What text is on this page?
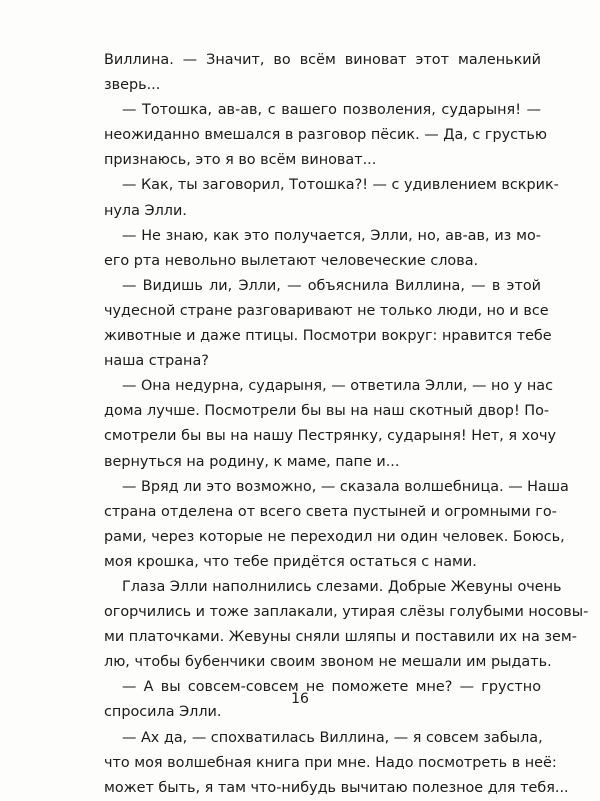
Виллина. — Значит, во всём виноват этот маленький
зверь...
— Тотошка, ав-ав, с вашего позволения, сударыня! —
неожиданно вмешался в разговор пёсик. — Да, с грустью
признаюсь, это я во всём виноват...
— Как, ты заговорил, Тотошка?! — с удивлением вскрик-
нула Элли.
— Не знаю, как это получается, Элли, но, ав-ав, из мо-
его рта невольно вылетают человеческие слова.
— Видишь ли, Элли, — объяснила Виллина, — в этой
чудесной стране разговаривают не только люди, но и все
животные и даже птицы. Посмотри вокруг: нравится тебе
наша страна?
— Она недурна, сударыня, — ответила Элли, — но у нас
дома лучше. Посмотрели бы вы на наш скотный двор! По-
смотрели бы вы на нашу Пестрянку, сударыня! Нет, я хочу
вернуться на родину, к маме, папе и...
— Вряд ли это возможно, — сказала волшебница. — Наша
страна отделена от всего света пустыней и огромными го-
рами, через которые не переходил ни один человек. Боюсь,
моя крошка, что тебе придётся остаться с нами.
Глаза Элли наполнились слезами. Добрые Жевуны очень
огорчились и тоже заплакали, утирая слёзы голубыми носовы-
ми платочками. Жевуны сняли шляпы и поставили их на зем-
лю, чтобы бубенчики своим звоном не мешали им рыдать.
— А вы совсем-совсем не поможете мне? — грустно
спросила Элли.
— Ах да, — спохватилась Виллина, — я совсем забыла,
что моя волшебная книга при мне. Надо посмотреть в неё:
может быть, я там что-нибудь вычитаю полезное для тебя...
16
